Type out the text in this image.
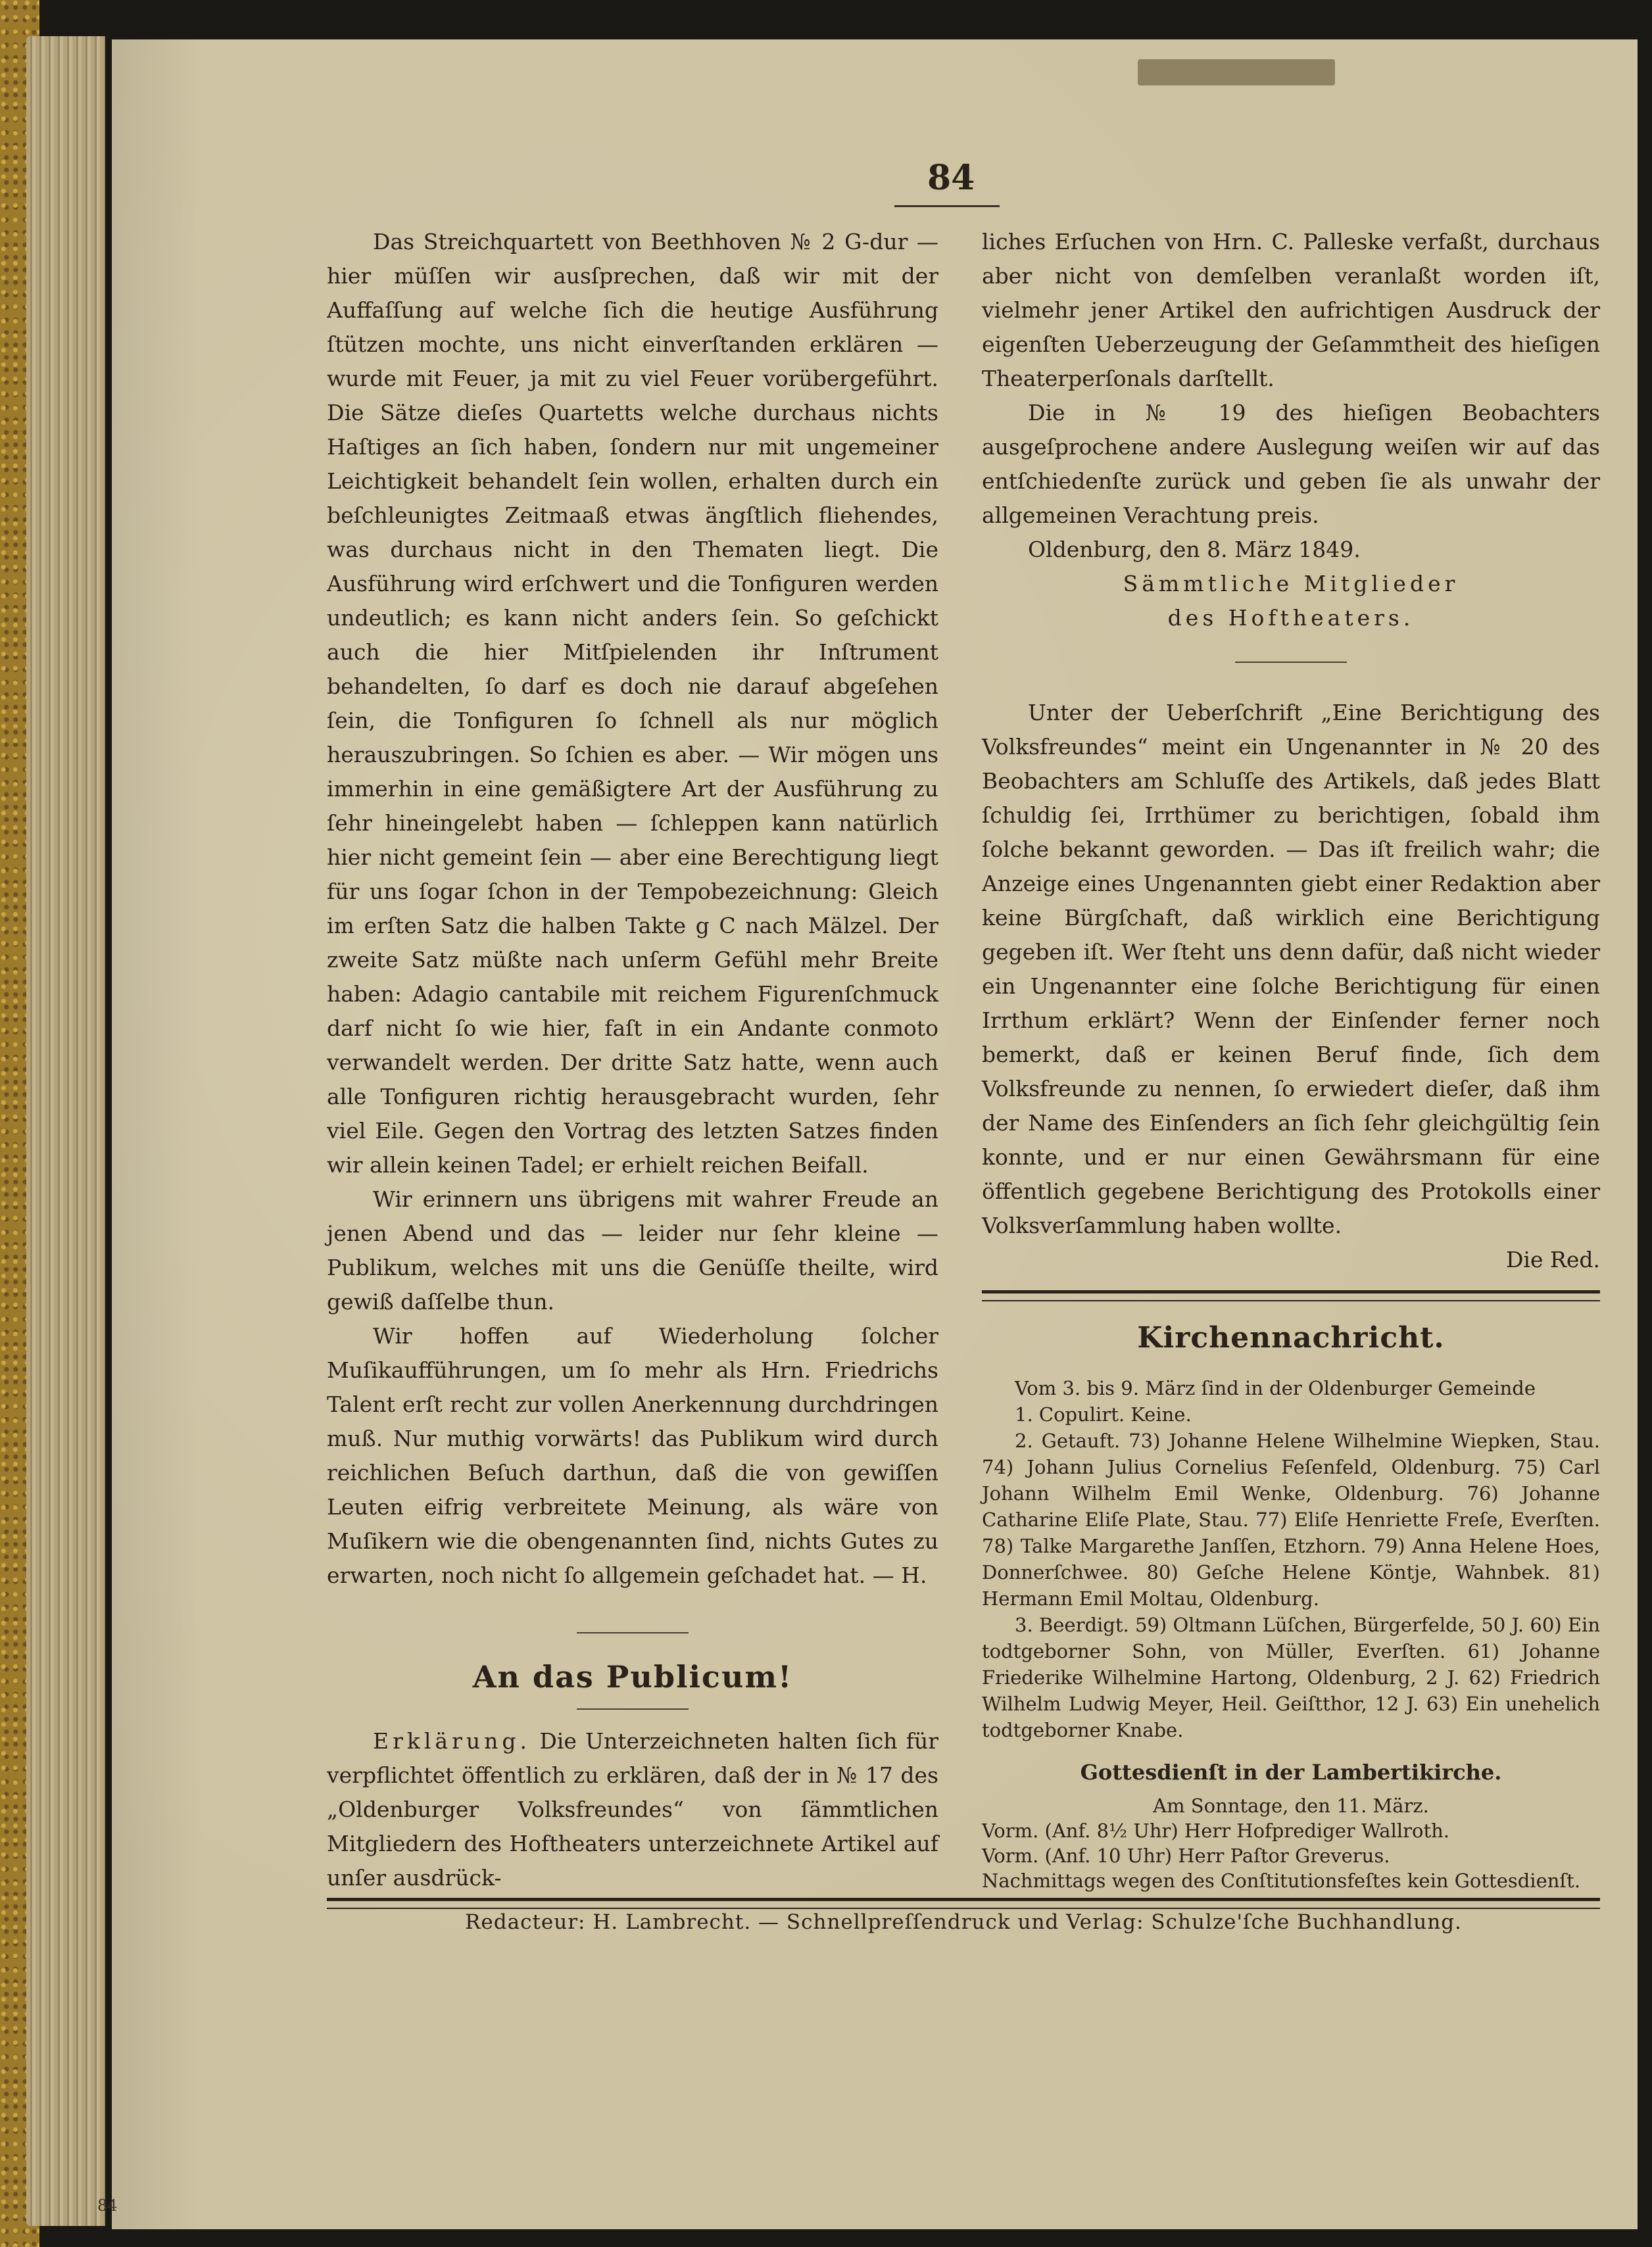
84

Das Streichquartett von Beethhoven № 2 G-dur — hier müſſen wir ausſprechen, daß wir mit der Auffaſſung auf welche ſich die heutige Ausführung ſtützen mochte, uns nicht einverſtanden erklären — wurde mit Feuer, ja mit zu viel Feuer vorübergeführt. Die Sätze dieſes Quartetts welche durchaus nichts Haſtiges an ſich haben, ſondern nur mit ungemeiner Leichtigkeit behandelt ſein wollen, erhalten durch ein beſchleunigtes Zeitmaaß etwas ängſtlich fliehendes, was durchaus nicht in den Thematen liegt. Die Ausführung wird erſchwert und die Tonfiguren werden undeutlich; es kann nicht anders ſein. So geſchickt auch die hier Mitſpielenden ihr Inſtrument behandelten, ſo darf es doch nie darauf abgeſehen ſein, die Tonfiguren ſo ſchnell als nur möglich herauszubringen. So ſchien es aber. — Wir mögen uns immerhin in eine gemäßigtere Art der Ausführung zu ſehr hineingelebt haben — ſchleppen kann natürlich hier nicht gemeint ſein — aber eine Berechtigung liegt für uns ſogar ſchon in der Tempobezeichnung: Gleich im erſten Satz die halben Takte g C nach Mälzel. Der zweite Satz müßte nach unſerm Gefühl mehr Breite haben: Adagio cantabile mit reichem Figurenſchmuck darf nicht ſo wie hier, faſt in ein Andante conmoto verwandelt werden. Der dritte Satz hatte, wenn auch alle Tonfiguren richtig herausgebracht wurden, ſehr viel Eile. Gegen den Vortrag des letzten Satzes finden wir allein keinen Tadel; er erhielt reichen Beifall.

Wir erinnern uns übrigens mit wahrer Freude an jenen Abend und das — leider nur ſehr kleine — Publikum, welches mit uns die Genüſſe theilte, wird gewiß daſſelbe thun.

Wir hoffen auf Wiederholung ſolcher Muſikaufführungen, um ſo mehr als Hrn. Friedrichs Talent erſt recht zur vollen Anerkennung durchdringen muß. Nur muthig vorwärts! das Publikum wird durch reichlichen Beſuch darthun, daß die von gewiſſen Leuten eifrig verbreitete Meinung, als wäre von Muſikern wie die obengenannten ſind, nichts Gutes zu erwarten, noch nicht ſo allgemein geſchadet hat. — H.

An das Publicum!

Erklärung. Die Unterzeichneten halten ſich für verpflichtet öffentlich zu erklären, daß der in № 17 des „Oldenburger Volksfreundes“ von ſämmtlichen Mitgliedern des Hoftheaters unterzeichnete Artikel auf unſer ausdrück-

liches Erſuchen von Hrn. C. Palleske verfaßt, durchaus aber nicht von demſelben veranlaßt worden iſt, vielmehr jener Artikel den aufrichtigen Ausdruck der eigenſten Ueberzeugung der Geſammtheit des hieſigen Theaterperſonals darſtellt.

Die in № 19 des hieſigen Beobachters ausgeſprochene andere Auslegung weiſen wir auf das entſchiedenſte zurück und geben ſie als unwahr der allgemeinen Verachtung preis.

Oldenburg, den 8. März 1849.

Sämmtliche Mitglieder
des Hoftheaters.

Unter der Ueberſchrift „Eine Berichtigung des Volksfreundes“ meint ein Ungenannter in № 20 des Beobachters am Schluſſe des Artikels, daß jedes Blatt ſchuldig ſei, Irrthümer zu berichtigen, ſobald ihm ſolche bekannt geworden. — Das iſt freilich wahr; die Anzeige eines Ungenannten giebt einer Redaktion aber keine Bürgſchaft, daß wirklich eine Berichtigung gegeben iſt. Wer ſteht uns denn dafür, daß nicht wieder ein Ungenannter eine ſolche Berichtigung für einen Irrthum erklärt? Wenn der Einſender ferner noch bemerkt, daß er keinen Beruf finde, ſich dem Volksfreunde zu nennen, ſo erwiedert dieſer, daß ihm der Name des Einſenders an ſich ſehr gleichgültig ſein konnte, und er nur einen Gewährsmann für eine öffentlich gegebene Berichtigung des Protokolls einer Volksverſammlung haben wollte.

Die Red.
Kirchennachricht.

Vom 3. bis 9. März ſind in der Oldenburger Gemeinde

1. Copulirt. Keine.

2. Getauft. 73) Johanne Helene Wilhelmine Wiepken, Stau. 74) Johann Julius Cornelius Feſenfeld, Oldenburg. 75) Carl Johann Wilhelm Emil Wenke, Oldenburg. 76) Johanne Catharine Eliſe Plate, Stau. 77) Eliſe Henriette Freſe, Everſten. 78) Talke Margarethe Janſſen, Etzhorn. 79) Anna Helene Hoes, Donnerſchwee. 80) Geſche Helene Köntje, Wahnbek. 81) Hermann Emil Moltau, Oldenburg.

3. Beerdigt. 59) Oltmann Lüſchen, Bürgerfelde, 50 J. 60) Ein todtgeborner Sohn, von Müller, Everſten. 61) Johanne Friederike Wilhelmine Hartong, Oldenburg, 2 J. 62) Friedrich Wilhelm Ludwig Meyer, Heil. Geiſtthor, 12 J. 63) Ein unehelich todtgeborner Knabe.

Gottesdienſt in der Lambertikirche.
Am Sonntage, den 11. März.
Vorm. (Anf. 8½ Uhr) Herr Hofprediger Wallroth.
Vorm. (Anf. 10 Uhr) Herr Paſtor Greverus.
Nachmittags wegen des Conſtitutionsfeſtes kein Gottesdienſt.
Redacteur: H. Lambrecht. — Schnellpreſſendruck und Verlag: Schulze'ſche Buchhandlung.
84
